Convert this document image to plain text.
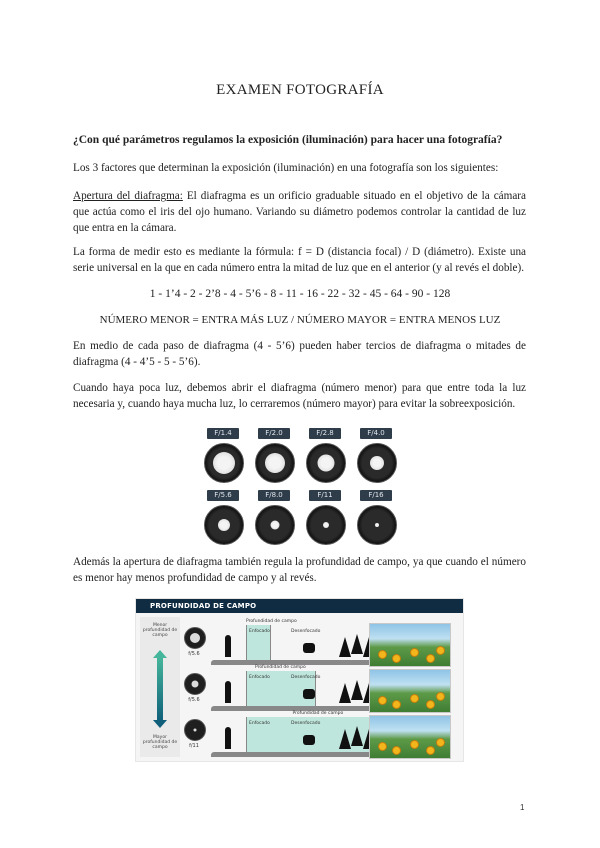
EXAMEN FOTOGRAFÍA
¿Con qué parámetros regulamos la exposición (iluminación) para hacer una fotografía?
Los 3 factores que determinan la exposición (iluminación) en una fotografía son los siguientes:
Apertura del diafragma: El diafragma es un orificio graduable situado en el objetivo de la cámara que actúa como el iris del ojo humano. Variando su diámetro podemos controlar la cantidad de luz que entra en la cámara.
La forma de medir esto es mediante la fórmula: f = D (distancia focal) / D (diámetro). Existe una serie universal en la que en cada número entra la mitad de luz que en el anterior (y al revés el doble).
1 - 1’4 - 2 - 2’8 - 4 - 5’6 - 8 - 11 - 16 - 22 - 32 - 45 - 64 - 90 - 128
NÚMERO MENOR = ENTRA MÁS LUZ / NÚMERO MAYOR = ENTRA MENOS LUZ
En medio de cada paso de diafragma (4 - 5’6) pueden haber tercios de diafragma o mitades de diafragma (4 - 4’5 - 5 - 5’6).
Cuando haya poca luz, debemos abrir el diafragma (número menor) para que entre toda la luz necesaria y, cuando haya mucha luz, lo cerraremos (número mayor) para evitar la sobreexposición.
F/1.4	F/2.0	F/2.8	F/4.0
F/5.6	F/8.0	F/11	F/16
Además la apertura de diafragma también regula la profundidad de campo, ya que cuando el número es menor hay menos profundidad de campo y al revés.
PROFUNDIDAD DE CAMPO
Menor profundidad de campo
Mayor profundidad de campo
f/5.6
Profundidad de campo
Enfocado	Desenfocado
f/5.6
Profundidad de campo
Enfocado	Desenfocado
f/11
Profundidad de campo
Enfocado	Desenfocado
1
